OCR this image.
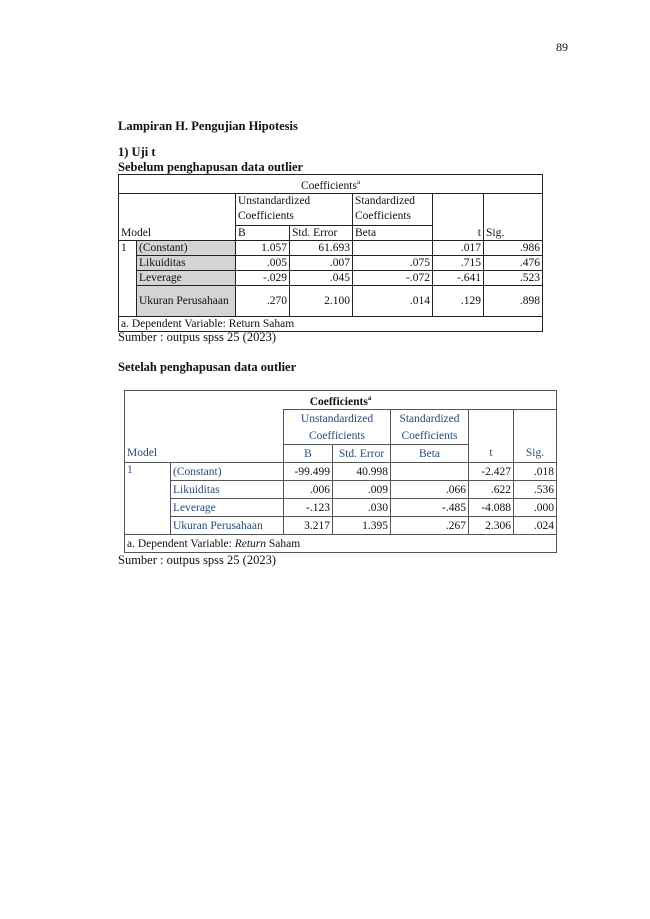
89
Lampiran H. Pengujian Hipotesis
1) Uji t
Sebelum penghapusan data outlier
Coefficients$^a$
		Unstandardized Coefficients		Standardized Coefficients		
Model		B	Std. Error	Beta	t	Sig.
1	(Constant)	1.057	61.693		.017	.986
	Likuiditas	.005	.007	.075	.715	.476
	Leverage	-.029	.045	-.072	-.641	.523
	Ukuran Perusahaan	.270	2.100	.014	.129	.898
a. Dependent Variable: Return Saham						
Sumber : outpus spss 25 (2023)
Setelah penghapusan data outlier
Coefficients$^a$
		Unstandardized		Standardized		
		Coefficients		Coefficients		
Model		B	Std. Error	Beta	t	Sig.
1	(Constant)	-99.499	40.998		-2.427	.018
	Likuiditas	.006	.009	.066	.622	.536
	Leverage	-.123	.030	-.485	-4.088	.000
	Ukuran Perusahaan	3.217	1.395	.267	2.306	.024
a. Dependent Variable: Return Saham						
Sumber : outpus spss 25 (2023)
